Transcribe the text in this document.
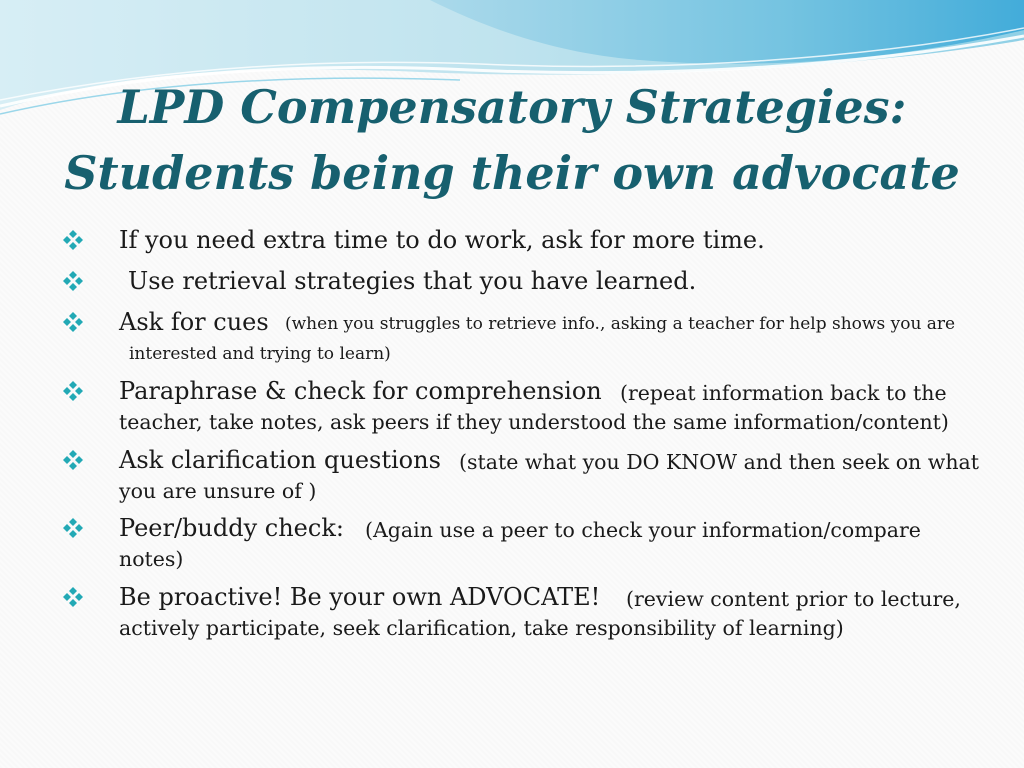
LPD Compensatory Strategies:
Students being their own advocate
If you need extra time to do work, ask for more time.
Use retrieval strategies that you have learned.
Ask for cues (when you struggles to retrieve info., asking a teacher for help shows you are
interested and trying to learn)
Paraphrase & check for comprehension (repeat information back to the
teacher, take notes, ask peers if they understood the same information/content)
Ask clarification questions (state what you DO KNOW and then seek on what
you are unsure of )
Peer/buddy check: (Again use a peer to check your information/compare
notes)
Be proactive! Be your own ADVOCATE! (review content prior to lecture,
actively participate, seek clarification, take responsibility of learning)
